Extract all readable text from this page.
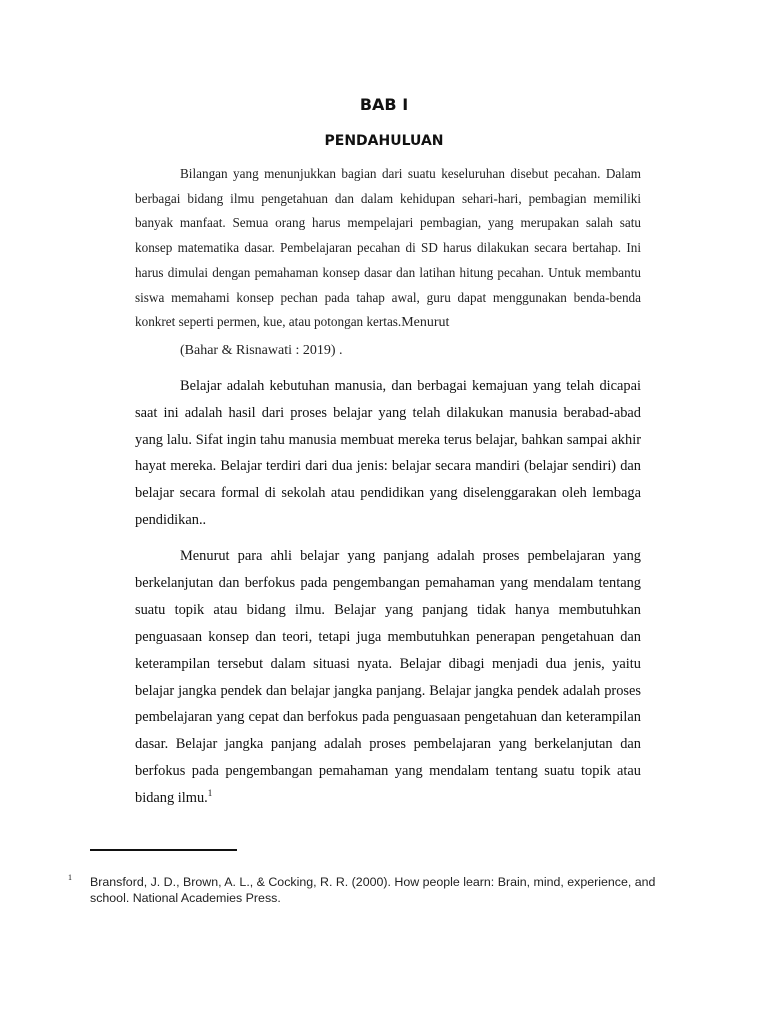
BAB I
PENDAHULUAN
Bilangan yang menunjukkan bagian dari suatu keseluruhan disebut pecahan. Dalam berbagai bidang ilmu pengetahuan dan dalam kehidupan sehari-hari, pembagian memiliki banyak manfaat. Semua orang harus mempelajari pembagian, yang merupakan salah satu konsep matematika dasar. Pembelajaran pecahan di SD harus dilakukan secara bertahap. Ini harus dimulai dengan pemahaman konsep dasar dan latihan hitung pecahan. Untuk membantu siswa memahami konsep pechan pada tahap awal, guru dapat menggunakan benda-benda konkret seperti permen, kue, atau potongan kertas.Menurut
(Bahar & Risnawati : 2019) .
Belajar adalah kebutuhan manusia, dan berbagai kemajuan yang telah dicapai saat ini adalah hasil dari proses belajar yang telah dilakukan manusia berabad-abad yang lalu. Sifat ingin tahu manusia membuat mereka terus belajar, bahkan sampai akhir hayat mereka. Belajar terdiri dari dua jenis: belajar secara mandiri (belajar sendiri) dan belajar secara formal di sekolah atau pendidikan yang diselenggarakan oleh lembaga pendidikan..
Menurut para ahli belajar yang panjang adalah proses pembelajaran yang berkelanjutan dan berfokus pada pengembangan pemahaman yang mendalam tentang suatu topik atau bidang ilmu. Belajar yang panjang tidak hanya membutuhkan penguasaan konsep dan teori, tetapi juga membutuhkan penerapan pengetahuan dan keterampilan tersebut dalam situasi nyata. Belajar dibagi menjadi dua jenis, yaitu belajar jangka pendek dan belajar jangka panjang. Belajar jangka pendek adalah proses pembelajaran yang cepat dan berfokus pada penguasaan pengetahuan dan keterampilan dasar. Belajar jangka panjang adalah proses pembelajaran yang berkelanjutan dan berfokus pada pengembangan pemahaman yang mendalam tentang suatu topik atau bidang ilmu.$^1$
1 Bransford, J. D., Brown, A. L., & Cocking, R. R. (2000). How people learn: Brain, mind, experience, and school. National Academies Press.
